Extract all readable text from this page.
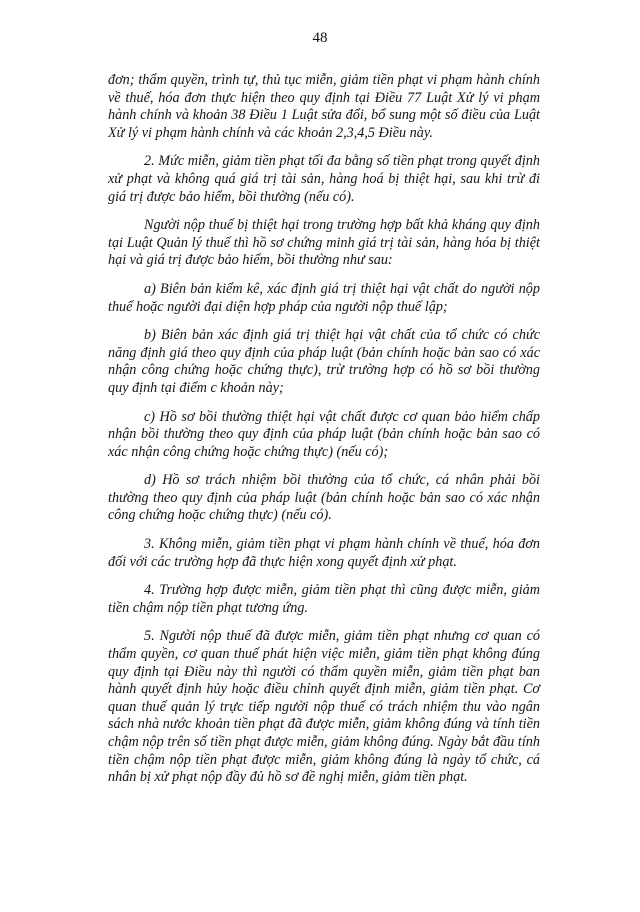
48

đơn; thẩm quyền, trình tự, thủ tục miễn, giảm tiền phạt vi phạm hành chính về thuế, hóa đơn thực hiện theo quy định tại Điều 77 Luật Xử lý vi phạm hành chính và khoản 38 Điều 1 Luật sửa đổi, bổ sung một số điều của Luật Xử lý vi phạm hành chính và các khoản 2,3,4,5 Điều này.

2. Mức miễn, giảm tiền phạt tối đa bằng số tiền phạt trong quyết định xử phạt và không quá giá trị tài sản, hàng hoá bị thiệt hại, sau khi trừ đi giá trị được bảo hiểm, bồi thường (nếu có).

Người nộp thuế bị thiệt hại trong trường hợp bất khả kháng quy định tại Luật Quản lý thuế thì hồ sơ chứng minh giá trị tài sản, hàng hóa bị thiệt hại và giá trị được bảo hiểm, bồi thường như sau:

a) Biên bản kiểm kê, xác định giá trị thiệt hại vật chất do người nộp thuế hoặc người đại diện hợp pháp của người nộp thuế lập;

b) Biên bản xác định giá trị thiệt hại vật chất của tổ chức có chức năng định giá theo quy định của pháp luật (bản chính hoặc bản sao có xác nhận công chứng hoặc chứng thực), trừ trường hợp có hồ sơ bồi thường quy định tại điểm c khoản này;

c) Hồ sơ bồi thường thiệt hại vật chất được cơ quan bảo hiểm chấp nhận bồi thường theo quy định của pháp luật (bản chính hoặc bản sao có xác nhận công chứng hoặc chứng thực) (nếu có);

d) Hồ sơ trách nhiệm bồi thường của tổ chức, cá nhân phải bồi thường theo quy định của pháp luật (bản chính hoặc bản sao có xác nhận công chứng hoặc chứng thực) (nếu có).

3. Không miễn, giảm tiền phạt vi phạm hành chính về thuế, hóa đơn đối với các trường hợp đã thực hiện xong quyết định xử phạt.

4. Trường hợp được miễn, giảm tiền phạt thì cũng được miễn, giảm tiền chậm nộp tiền phạt tương ứng.

5. Người nộp thuế đã được miễn, giảm tiền phạt nhưng cơ quan có thẩm quyền, cơ quan thuế phát hiện việc miễn, giảm tiền phạt không đúng quy định tại Điều này thì người có thẩm quyền miễn, giảm tiền phạt ban hành quyết định hủy hoặc điều chỉnh quyết định miễn, giảm tiền phạt. Cơ quan thuế quản lý trực tiếp người nộp thuế có trách nhiệm thu vào ngân sách nhà nước khoản tiền phạt đã được miễn, giảm không đúng và tính tiền chậm nộp trên số tiền phạt được miễn, giảm không đúng. Ngày bắt đầu tính tiền chậm nộp tiền phạt được miễn, giảm không đúng là ngày tổ chức, cá nhân bị xử phạt nộp đầy đủ hồ sơ đề nghị miễn, giảm tiền phạt.
